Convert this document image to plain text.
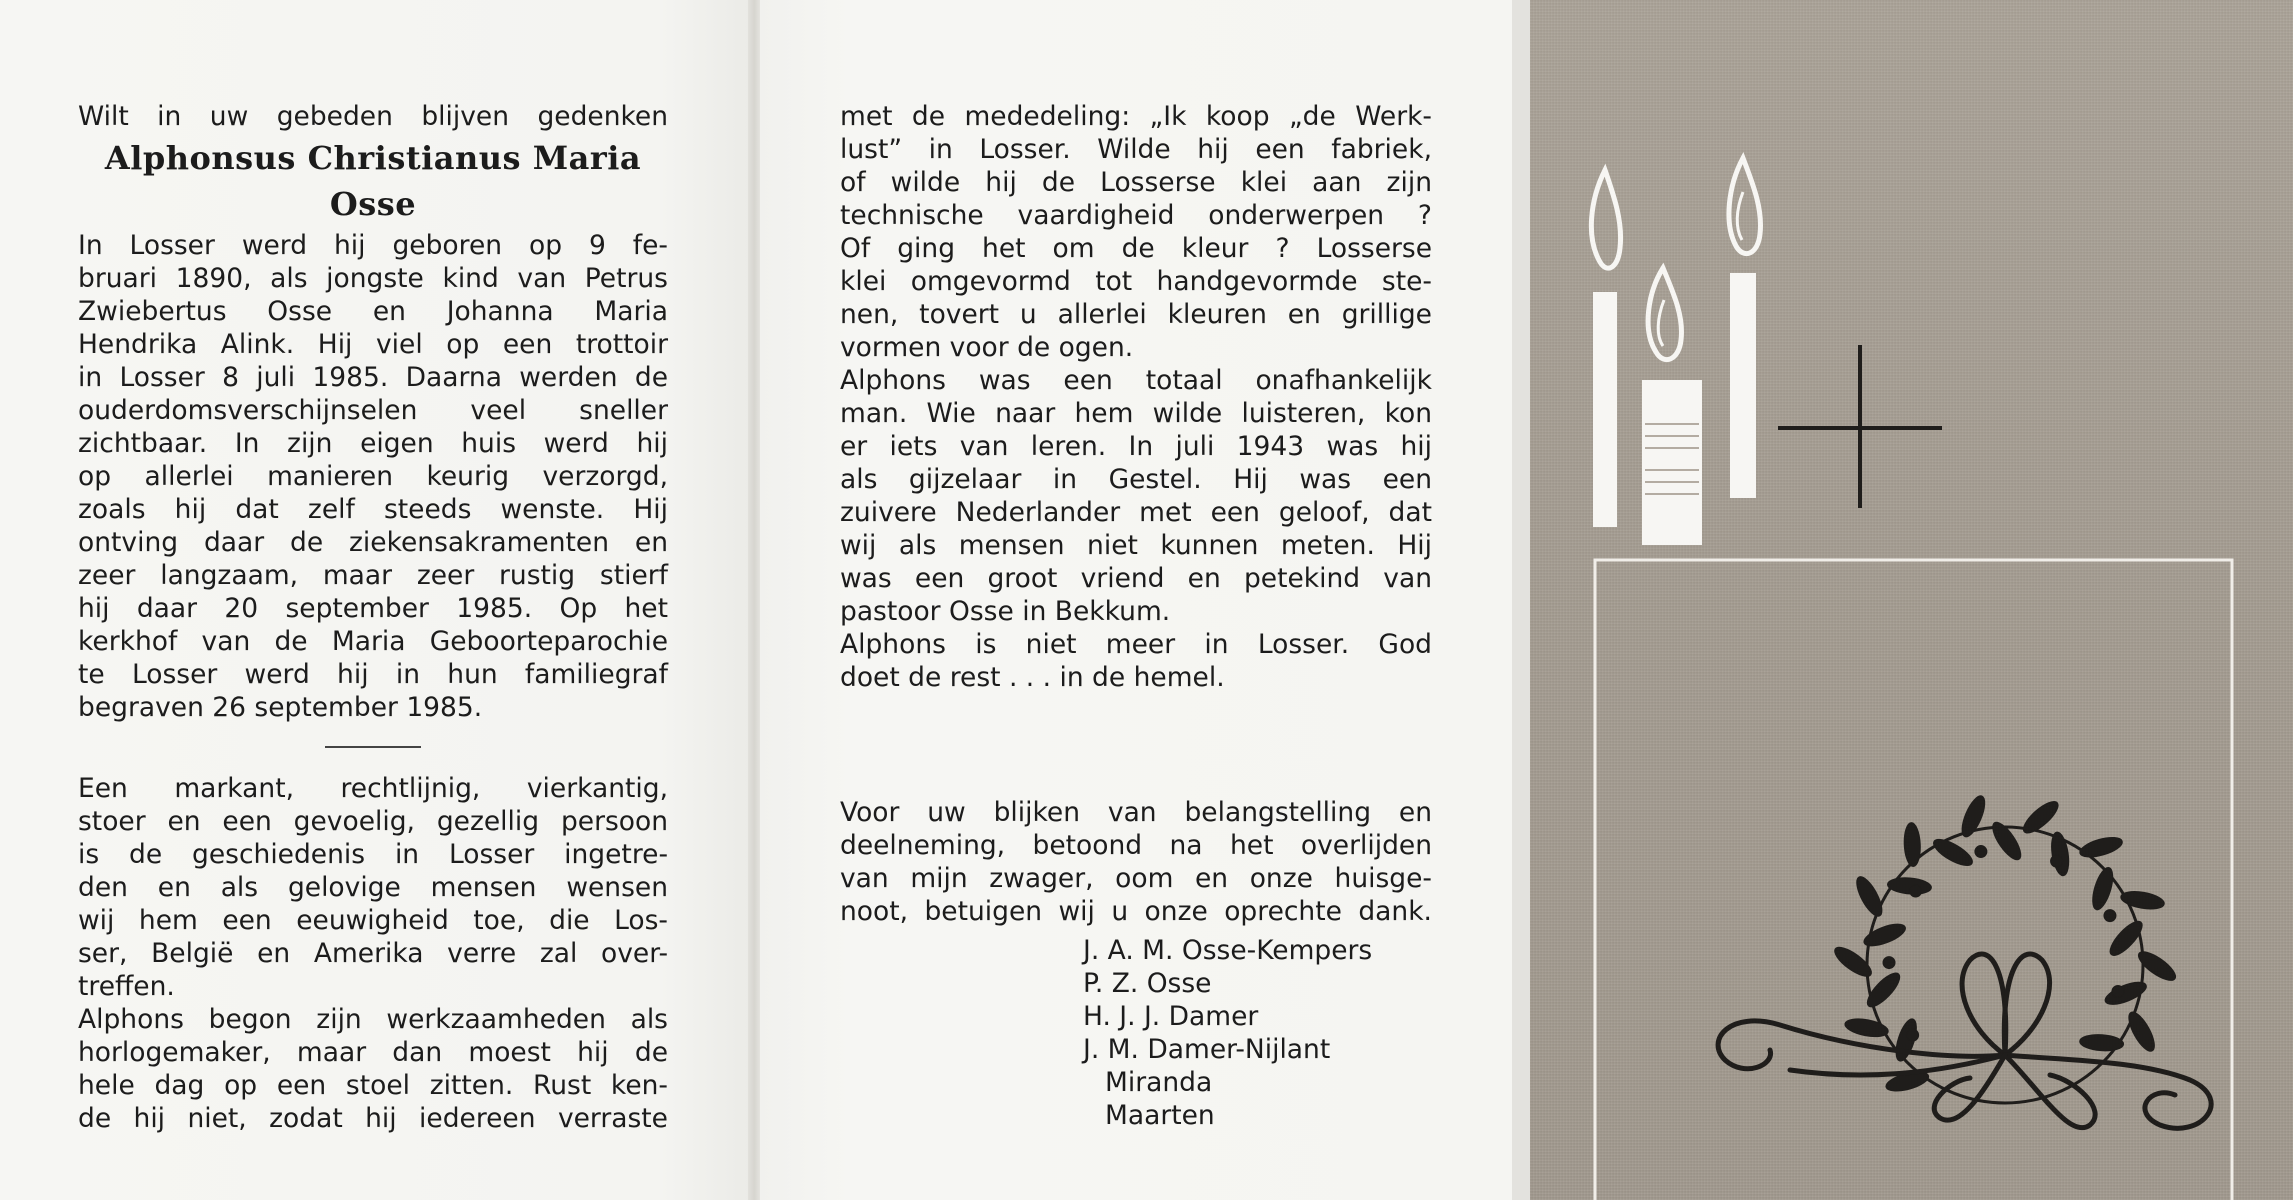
Wilt in uw gebeden blijven gedenken
Alphonsus Christianus Maria
Osse
In Losser werd hij geboren op 9 fe-
bruari 1890, als jongste kind van Petrus
Zwiebertus Osse en Johanna Maria
Hendrika Alink. Hij viel op een trottoir
in Losser 8 juli 1985. Daarna werden de
ouderdomsverschijnselen veel sneller
zichtbaar. In zijn eigen huis werd hij
op allerlei manieren keurig verzorgd,
zoals hij dat zelf steeds wenste. Hij
ontving daar de ziekensakramenten en
zeer langzaam, maar zeer rustig stierf
hij daar 20 september 1985. Op het
kerkhof van de Maria Geboorteparochie
te Losser werd hij in hun familiegraf
begraven 26 september 1985.
Een markant, rechtlijnig, vierkantig,
stoer en een gevoelig, gezellig persoon
is de geschiedenis in Losser ingetre-
den en als gelovige mensen wensen
wij hem een eeuwigheid toe, die Los-
ser, België en Amerika verre zal over-
treffen.
Alphons begon zijn werkzaamheden als
horlogemaker, maar dan moest hij de
hele dag op een stoel zitten. Rust ken-
de hij niet, zodat hij iedereen verraste
met de mededeling: „Ik koop „de Werk-
lust” in Losser. Wilde hij een fabriek,
of wilde hij de Losserse klei aan zijn
technische vaardigheid onderwerpen ?
Of ging het om de kleur ? Losserse
klei omgevormd tot handgevormde ste-
nen, tovert u allerlei kleuren en grillige
vormen voor de ogen.
Alphons was een totaal onafhankelijk
man. Wie naar hem wilde luisteren, kon
er iets van leren. In juli 1943 was hij
als gijzelaar in Gestel. Hij was een
zuivere Nederlander met een geloof, dat
wij als mensen niet kunnen meten. Hij
was een groot vriend en petekind van
pastoor Osse in Bekkum.
Alphons is niet meer in Losser. God
doet de rest . . . in de hemel.
Voor uw blijken van belangstelling en
deelneming, betoond na het overlijden
van mijn zwager, oom en onze huisge-
noot, betuigen wij u onze oprechte dank.
J. A. M. Osse-Kempers
P. Z. Osse
H. J. J. Damer
J. M. Damer-Nijlant
Miranda
Maarten
